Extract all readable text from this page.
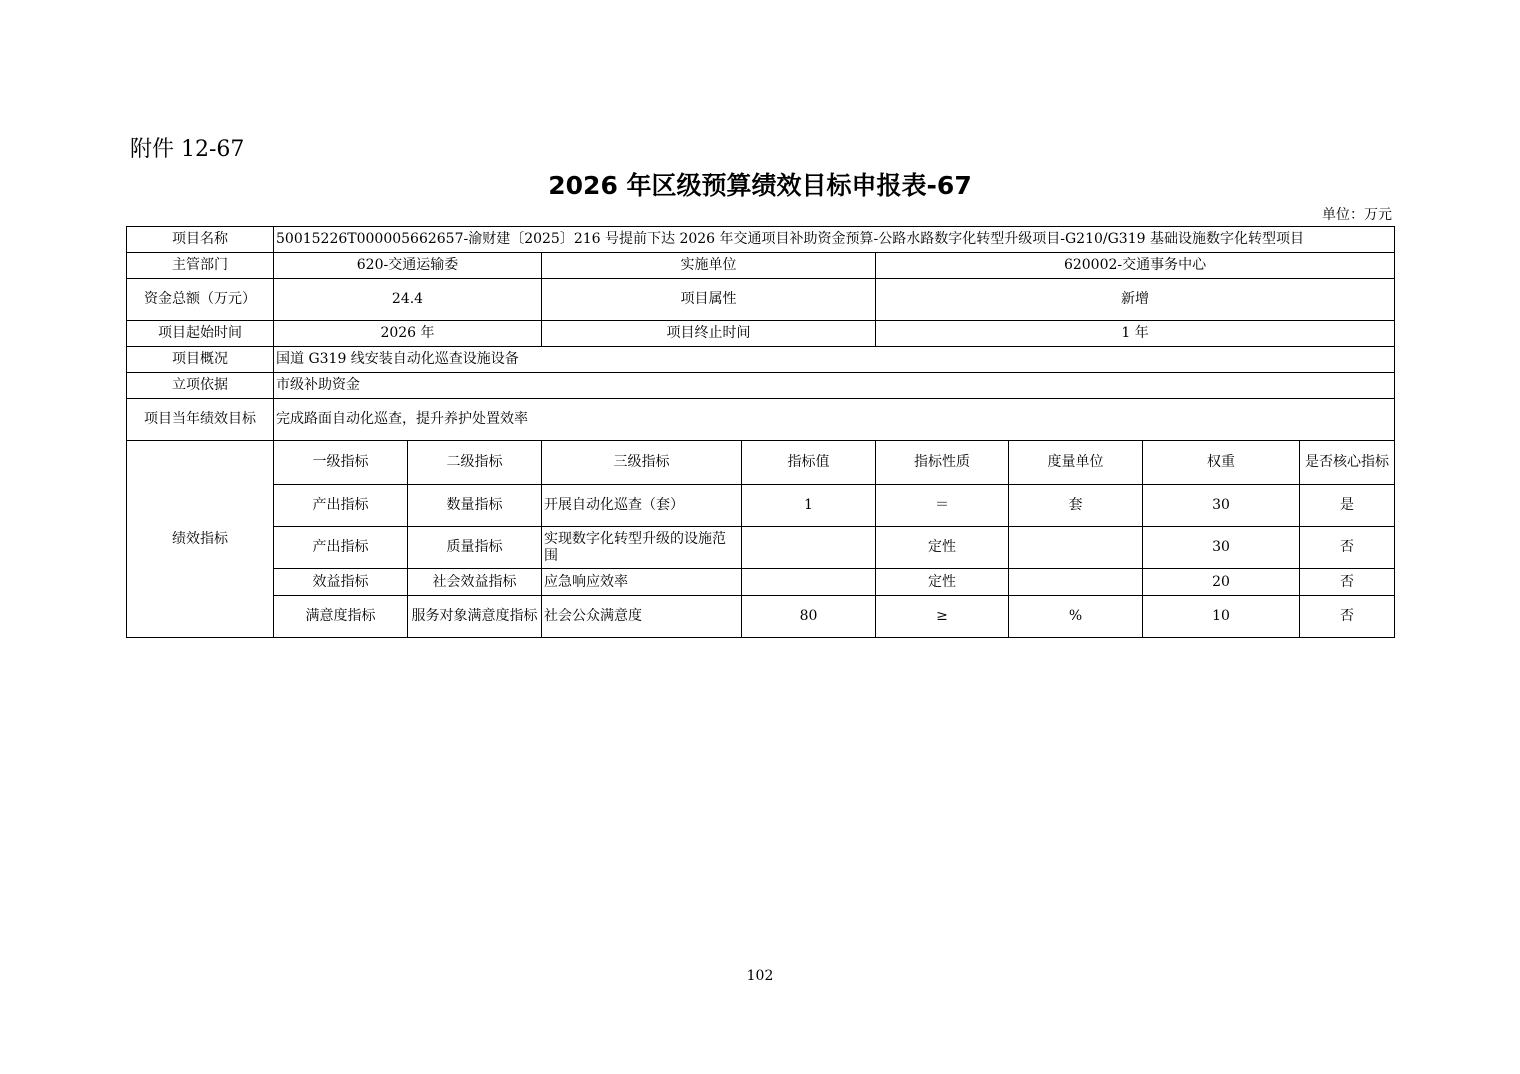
附件 12-67
2026 年区级预算绩效目标申报表-67
单位：万元
项目名称	50015226T000005662657-渝财建〔2025〕216 号提前下达 2026 年交通项目补助资金预算-公路水路数字化转型升级项目-G210/G319 基础设施数字化转型项目							
主管部门	620-交通运输委		实施单位		620002-交通事务中心			
资金总额（万元）	24.4		项目属性		新增			
项目起始时间	2026 年		项目终止时间		1 年			
项目概况	国道 G319 线安装自动化巡查设施设备							
立项依据	市级补助资金							
项目当年绩效目标	完成路面自动化巡查，提升养护处置效率							
绩效指标	一级指标	二级指标	三级指标	指标值	指标性质	度量单位	权重	是否核心指标
	产出指标	数量指标	开展自动化巡查（套）	1	＝	套	30	是
	产出指标	质量指标	实现数字化转型升级的设施范围		定性		30	否
	效益指标	社会效益指标	应急响应效率		定性		20	否
	满意度指标	服务对象满意度指标	社会公众满意度	80	≥	%	10	否
102
